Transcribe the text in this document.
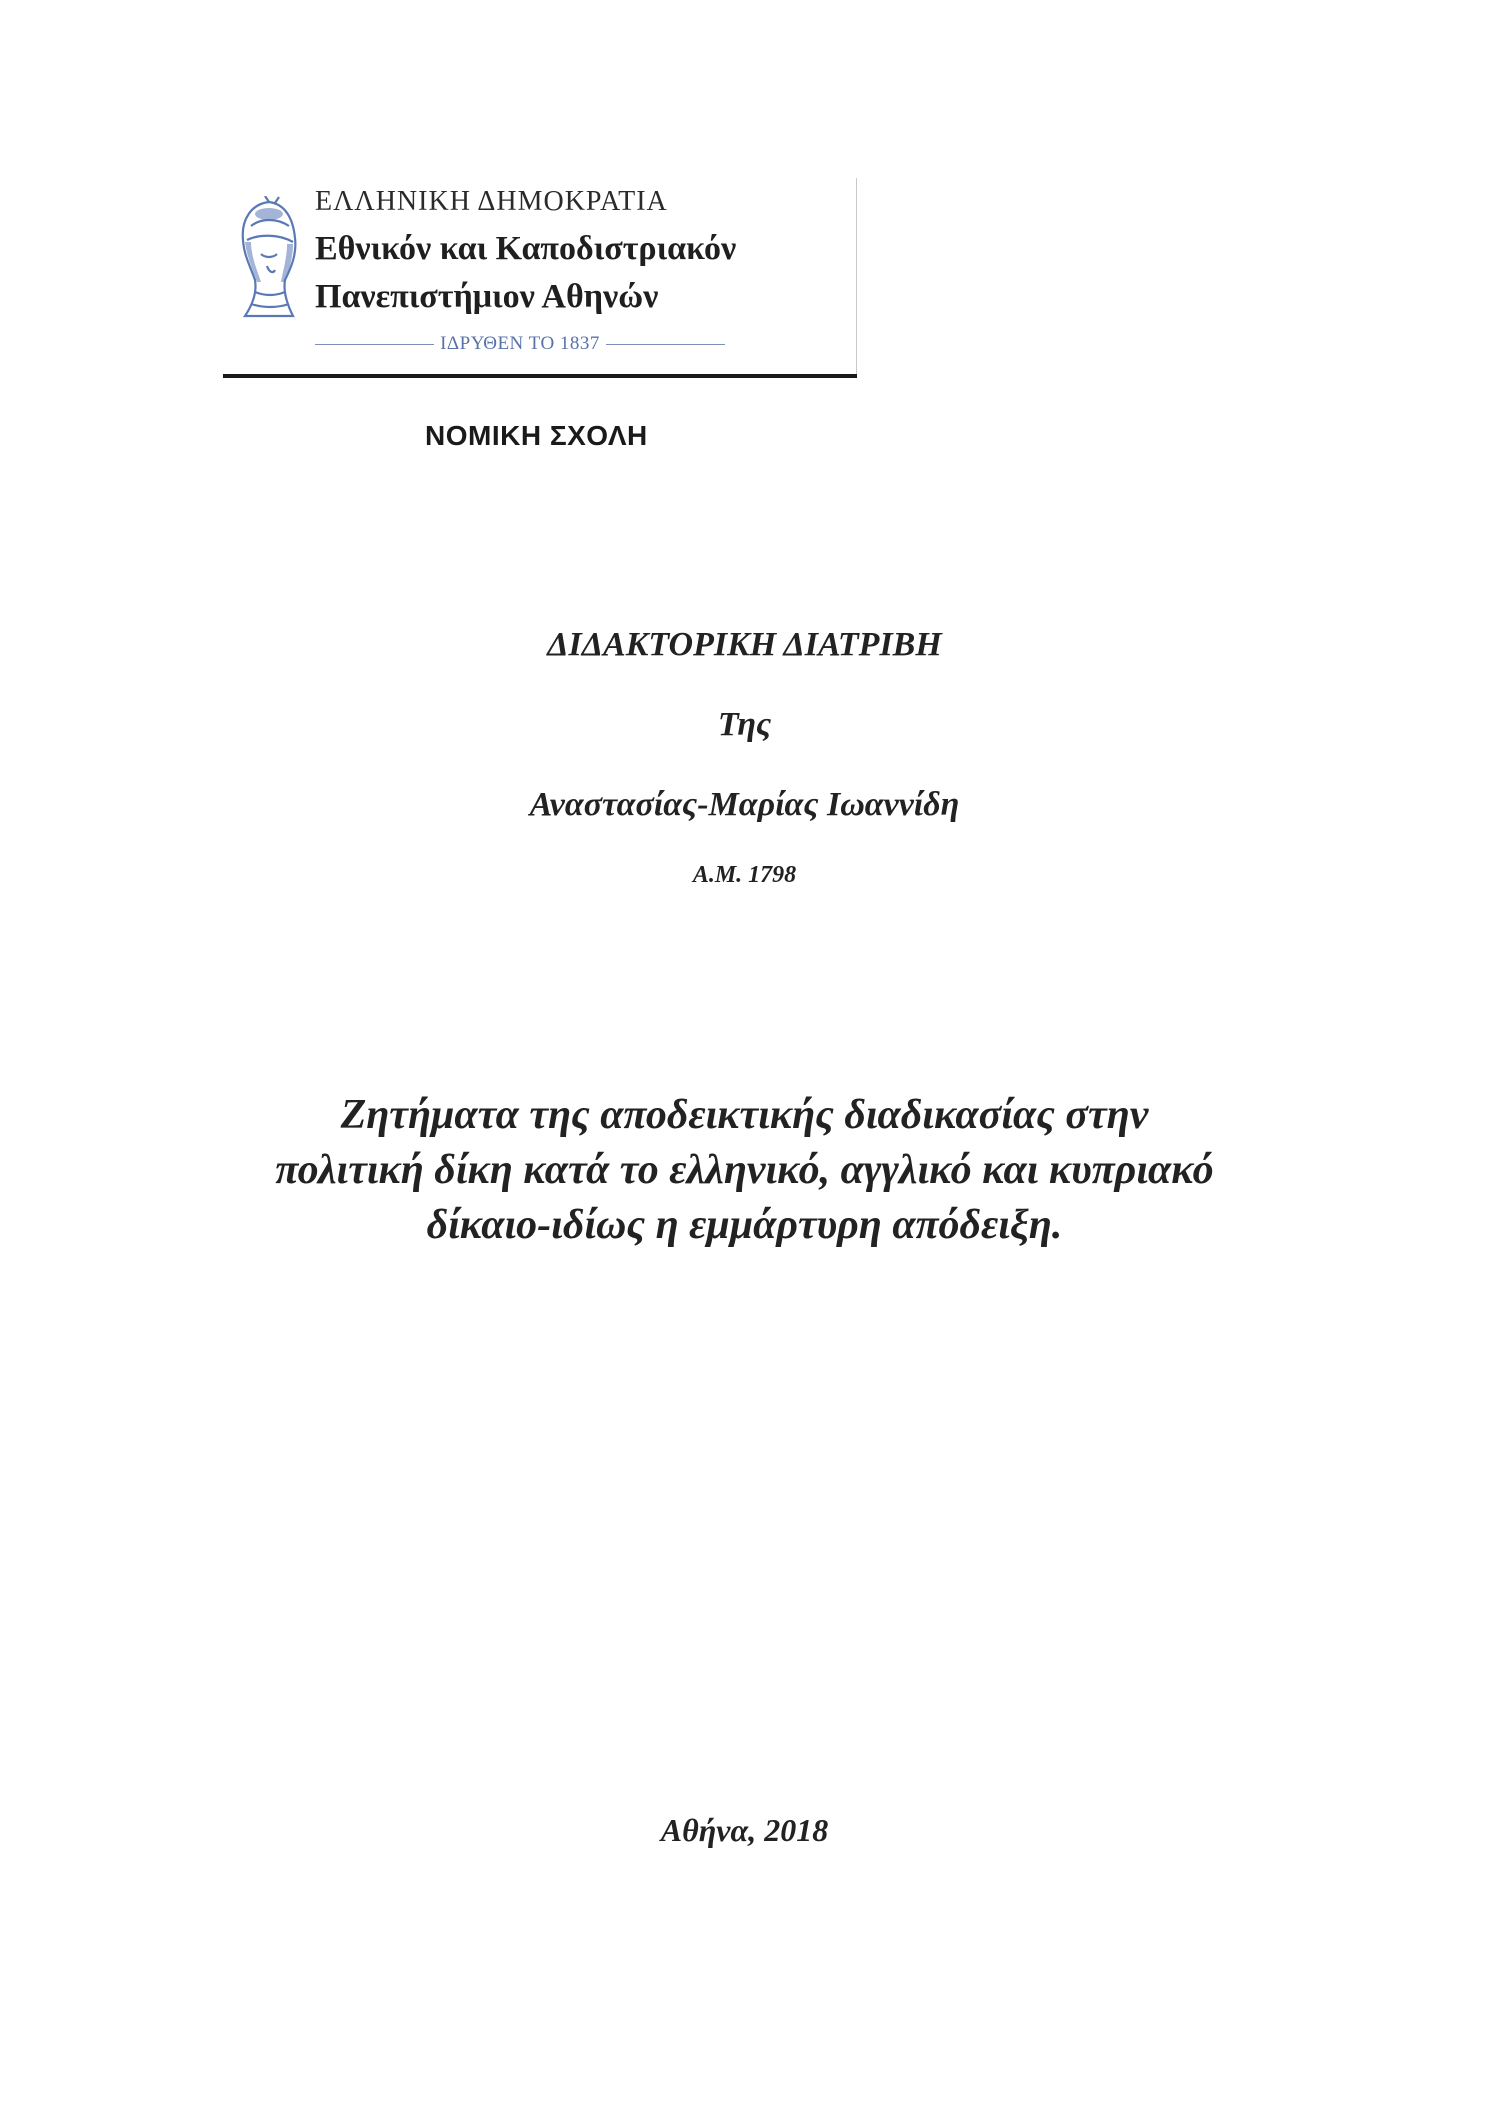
ΕΛΛΗΝΙΚΗ ΔΗΜΟΚΡΑΤΙΑ
Εθνικόν και Καποδιστριακόν
Πανεπιστήμιον Αθηνών
ΙΔΡΥΘΕΝ ΤΟ 1837
ΝΟΜΙΚΗ ΣΧΟΛΗ
ΔΙΔΑΚΤΟΡΙΚΗ ΔΙΑΤΡΙΒΗ
Της
Αναστασίας-Μαρίας Ιωαννίδη
Α.Μ. 1798
Ζητήματα της αποδεικτικής διαδικασίας στην
πολιτική δίκη κατά το ελληνικό, αγγλικό και κυπριακό
δίκαιο-ιδίως η εμμάρτυρη απόδειξη.
Αθήνα, 2018
